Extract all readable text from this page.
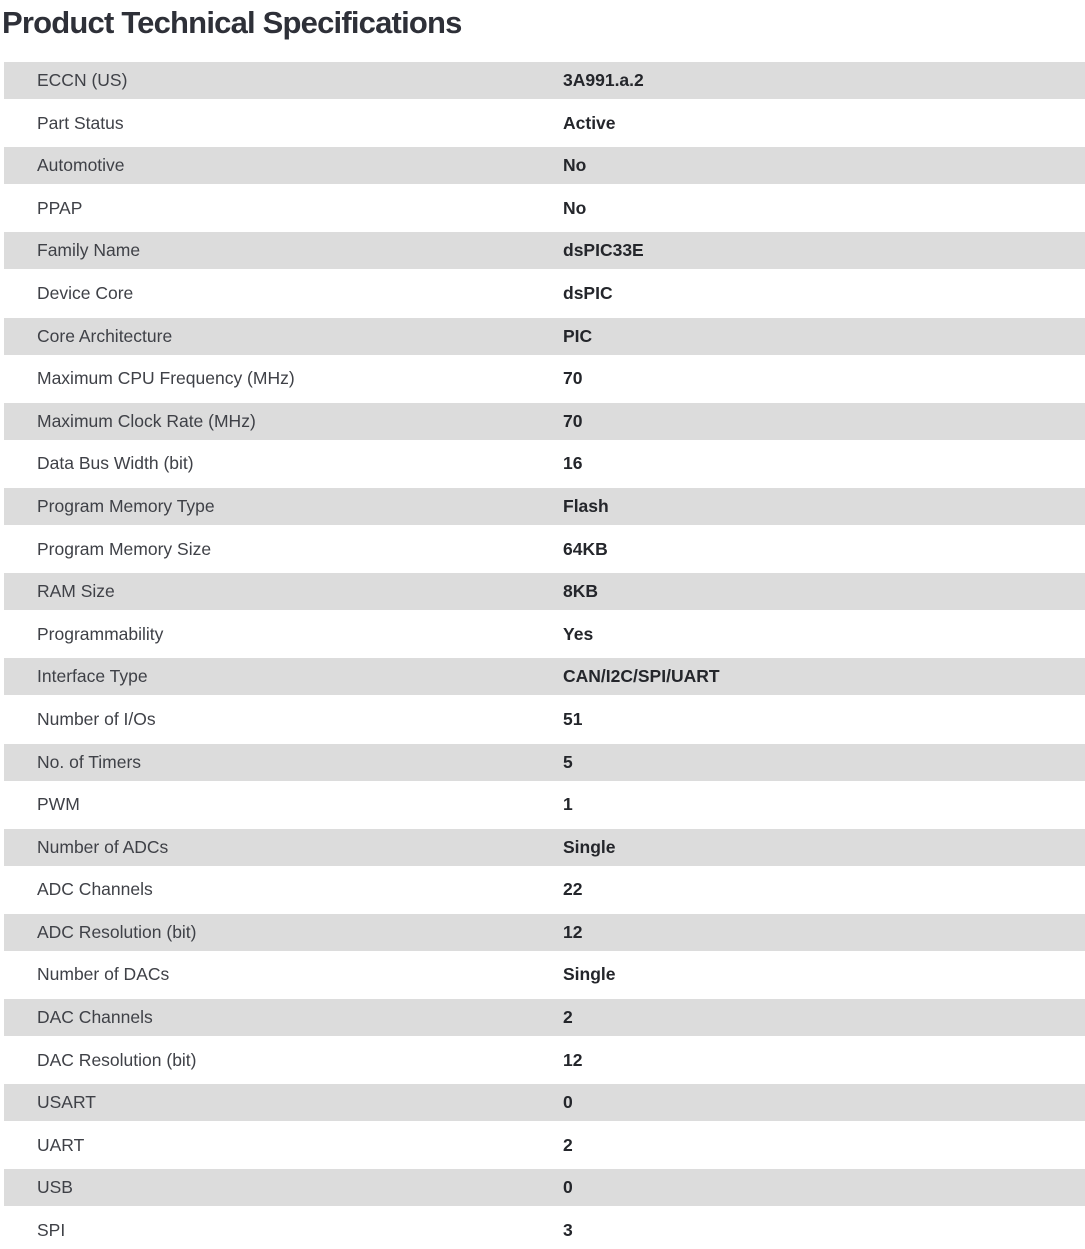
Product Technical Specifications
ECCN (US)	3A991.a.2
Part Status	Active
Automotive	No
PPAP	No
Family Name	dsPIC33E
Device Core	dsPIC
Core Architecture	PIC
Maximum CPU Frequency (MHz)	70
Maximum Clock Rate (MHz)	70
Data Bus Width (bit)	16
Program Memory Type	Flash
Program Memory Size	64KB
RAM Size	8KB
Programmability	Yes
Interface Type	CAN/I2C/SPI/UART
Number of I/Os	51
No. of Timers	5
PWM	1
Number of ADCs	Single
ADC Channels	22
ADC Resolution (bit)	12
Number of DACs	Single
DAC Channels	2
DAC Resolution (bit)	12
USART	0
UART	2
USB	0
SPI	3
